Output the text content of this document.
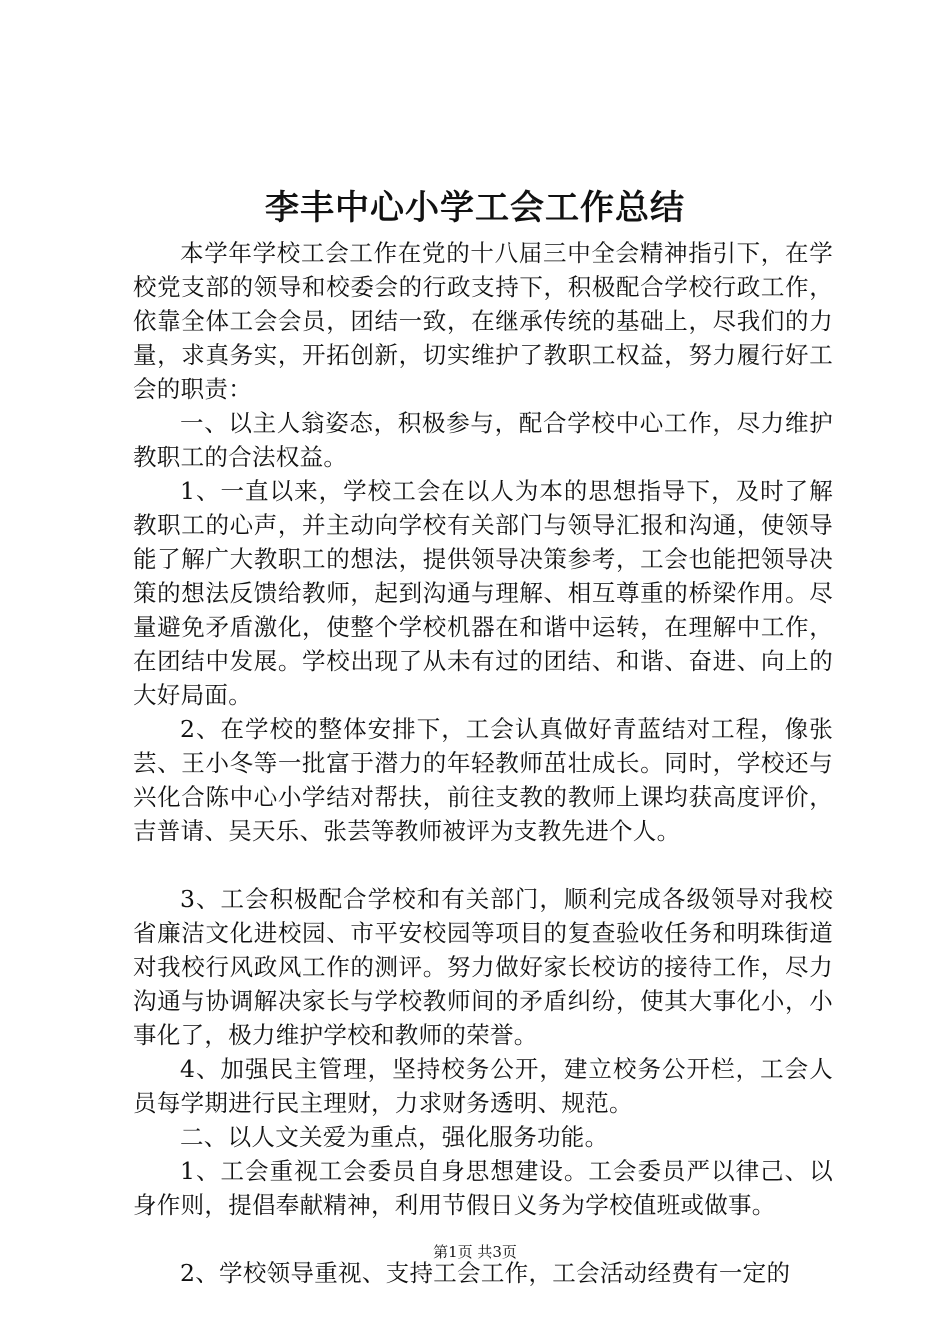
李丰中心小学工会工作总结

本学年学校工会工作在党的十八届三中全会精神指引下，在学校党支部的领导和校委会的行政支持下，积极配合学校行政工作，依靠全体工会会员，团结一致，在继承传统的基础上，尽我们的力量，求真务实，开拓创新，切实维护了教职工权益，努力履行好工会的职责：

一、以主人翁姿态，积极参与，配合学校中心工作，尽力维护教职工的合法权益。

1、一直以来，学校工会在以人为本的思想指导下，及时了解教职工的心声，并主动向学校有关部门与领导汇报和沟通，使领导能了解广大教职工的想法，提供领导决策参考，工会也能把领导决策的想法反馈给教师，起到沟通与理解、相互尊重的桥梁作用。尽量避免矛盾激化，使整个学校机器在和谐中运转，在理解中工作，在团结中发展。学校出现了从未有过的团结、和谐、奋进、向上的大好局面。

2、在学校的整体安排下，工会认真做好青蓝结对工程，像张芸、王小冬等一批富于潜力的年轻教师茁壮成长。同时，学校还与兴化合陈中心小学结对帮扶，前往支教的教师上课均获高度评价，吉普请、吴天乐、张芸等教师被评为支教先进个人。

3、工会积极配合学校和有关部门，顺利完成各级领导对我校省廉洁文化进校园、市平安校园等项目的复查验收任务和明珠街道对我校行风政风工作的测评。努力做好家长校访的接待工作，尽力沟通与协调解决家长与学校教师间的矛盾纠纷，使其大事化小，小事化了，极力维护学校和教师的荣誉。

4、加强民主管理，坚持校务公开，建立校务公开栏，工会人员每学期进行民主理财，力求财务透明、规范。

二、以人文关爱为重点，强化服务功能。

1、工会重视工会委员自身思想建设。工会委员严以律己、以身作则，提倡奉献精神，利用节假日义务为学校值班或做事。

2、学校领导重视、支持工会工作，工会活动经费有一定的

第1页 共3页
